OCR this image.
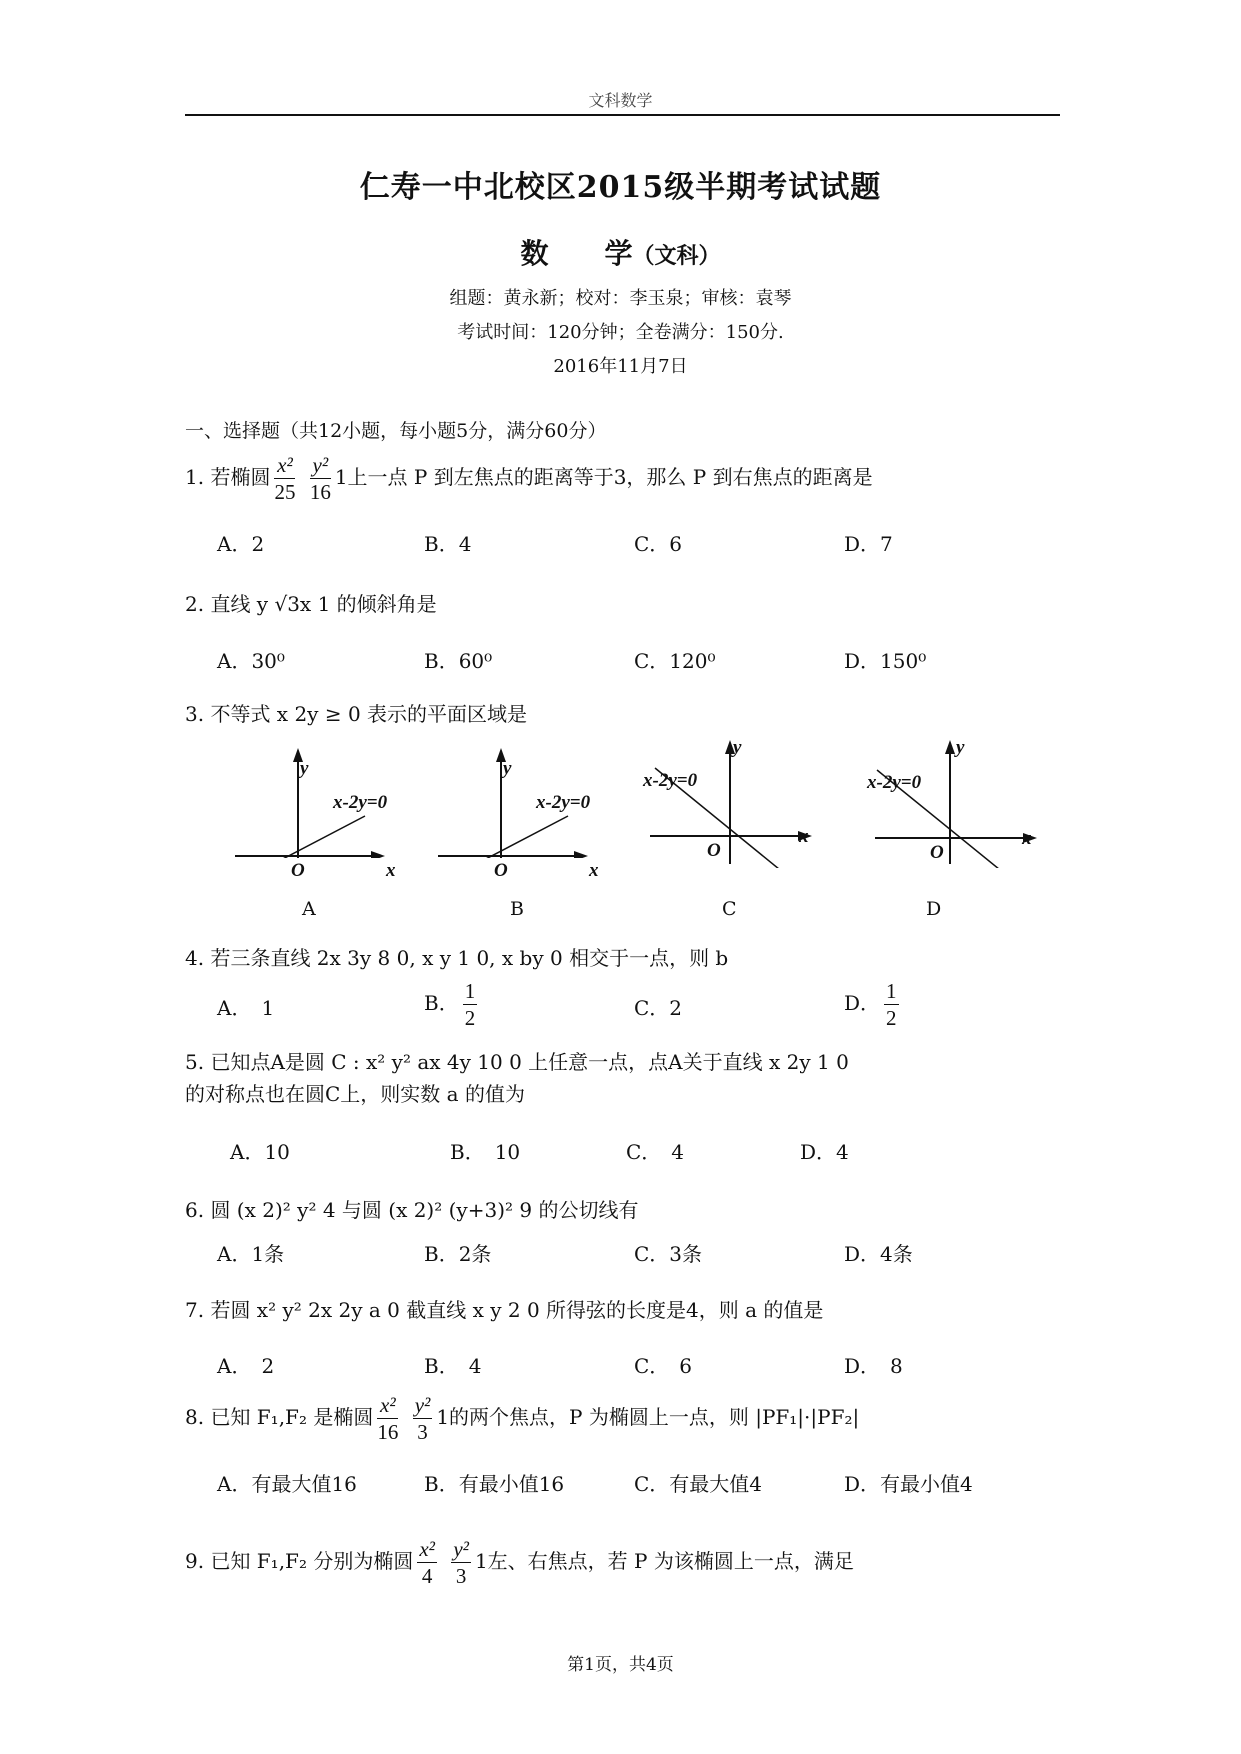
文科数学
仁寿一中北校区2015级半期考试试题
数　　学（文科）
组题：黄永新；校对：李玉泉；审核：袁琴
考试时间：120分钟；全卷满分：150分.
2016年11月7日
一、选择题（共12小题，每小题5分，满分60分）
1. 若椭圆 $\frac{\text{x²}}{25}$
$\frac{\text{y²}}{16} 1$上一点 P 到左焦点的距离等于3，那么 P 到右焦点的距离是
A．2	B．4	C．6	D．7
2. 直线 y √3x 1 的倾斜角是
A．30⁰	B．60⁰	C．120⁰	D．150⁰
3. 不等式 x 2y ≥ 0 表示的平面区域是
y
x-2y=0
O	x
A
y
x-2y=0
O	x
B
y
x-2y=0
O
x
C
y
x-2y=0
O
x
D
4. 若三条直线 2x 3y 8 0, x y 1 0, x by 0 相交于一点，则 b
A．　1	B． $\frac{1}{2}$	C．2	D． $\frac{1}{2}$
5. 已知点A是圆 C : x² y² ax 4y 10 0 上任意一点，点A关于直线 x 2y 1 0
的对称点也在圆C上，则实数 a 的值为
A．10	B．　10	C．　4	D．4
6. 圆 (x 2)² y² 4 与圆 (x 2)² (y+3)² 9 的公切线有
A．1条	B．2条	C．3条	D．4条
7. 若圆 x² y² 2x 2y a 0 截直线 x y 2 0 所得弦的长度是4，则 a 的值是
A．　2	B．　4	C．　6	D．　8
8. 已知 F₁,F₂ 是椭圆 $\frac{\text{x²}}{16}$
$\frac{\text{y²}}{3} 1$的两个焦点，P 为椭圆上一点，则 |PF₁|·|PF₂|
A．有最大值16	B．有最小值16	C．有最大值4	D．有最小值4
9. 已知 F₁,F₂ 分别为椭圆 $\frac{\text{x²}}{4}$
$\frac{\text{y²}}{3} 1$左、右焦点，若 P 为该椭圆上一点，满足
第1页，共4页
